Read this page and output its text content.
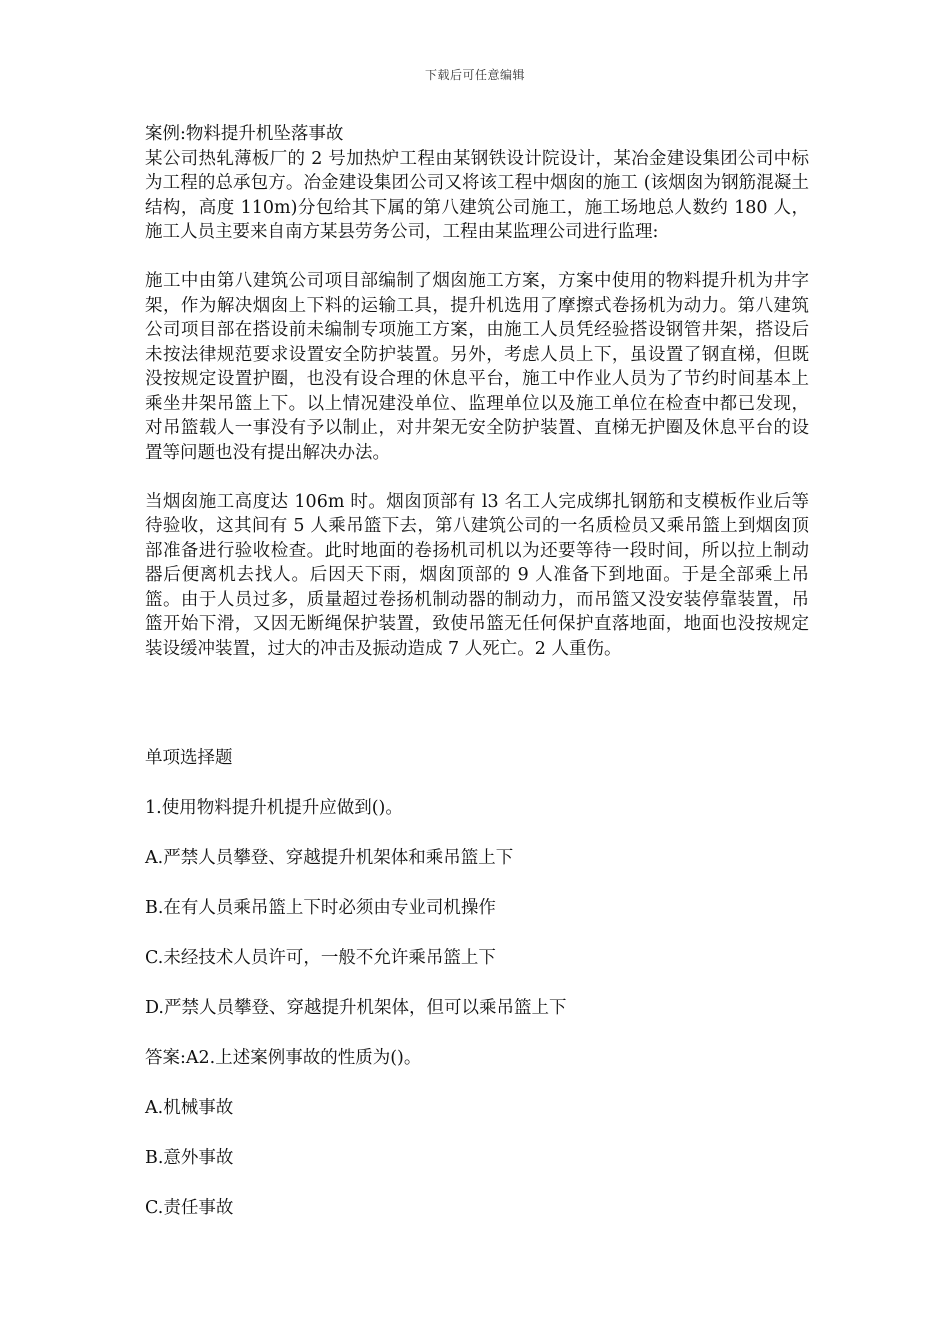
下载后可任意编辑

案例:物料提升机坠落事故

某公司热轧薄板厂的 2 号加热炉工程由某钢铁设计院设计，某冶金建设集团公司中标为工程的总承包方。冶金建设集团公司又将该工程中烟囱的施工 (该烟囱为钢筋混凝土结构，高度 110m)分包给其下属的第八建筑公司施工，施工场地总人数约 180 人，施工人员主要来自南方某县劳务公司，工程由某监理公司进行监理:

施工中由第八建筑公司项目部编制了烟囱施工方案，方案中使用的物料提升机为井字架，作为解决烟囱上下料的运输工具，提升机选用了摩擦式卷扬机为动力。第八建筑公司项目部在搭设前未编制专项施工方案，由施工人员凭经验搭设钢管井架，搭设后未按法律规范要求设置安全防护装置。另外，考虑人员上下，虽设置了钢直梯，但既没按规定设置护圈，也没有设合理的休息平台，施工中作业人员为了节约时间基本上乘坐井架吊篮上下。以上情况建没单位、监理单位以及施工单位在检查中都已发现，对吊篮载人一事没有予以制止，对井架无安全防护装置、直梯无护圈及休息平台的设置等问题也没有提出解决办法。

当烟囱施工高度达 106m 时。烟囱顶部有 l3 名工人完成绑扎钢筋和支模板作业后等待验收，这其间有 5 人乘吊篮下去，第八建筑公司的一名质检员又乘吊篮上到烟囱顶部准备进行验收检查。此时地面的卷扬机司机以为还要等待一段时间，所以拉上制动器后便离机去找人。后因天下雨，烟囱顶部的 9 人准备下到地面。于是全部乘上吊篮。由于人员过多，质量超过卷扬机制动器的制动力，而吊篮又没安装停靠装置，吊篮开始下滑，又因无断绳保护装置，致使吊篮无任何保护直落地面，地面也没按规定装设缓冲装置，过大的冲击及振动造成 7 人死亡。2 人重伤。

单项选择题
1.使用物料提升机提升应做到()。
A.严禁人员攀登、穿越提升机架体和乘吊篮上下
B.在有人员乘吊篮上下时必须由专业司机操作
C.未经技术人员许可，一般不允许乘吊篮上下
D.严禁人员攀登、穿越提升机架体，但可以乘吊篮上下
答案:A2.上述案例事故的性质为()。
A.机械事故
B.意外事故
C.责任事故
